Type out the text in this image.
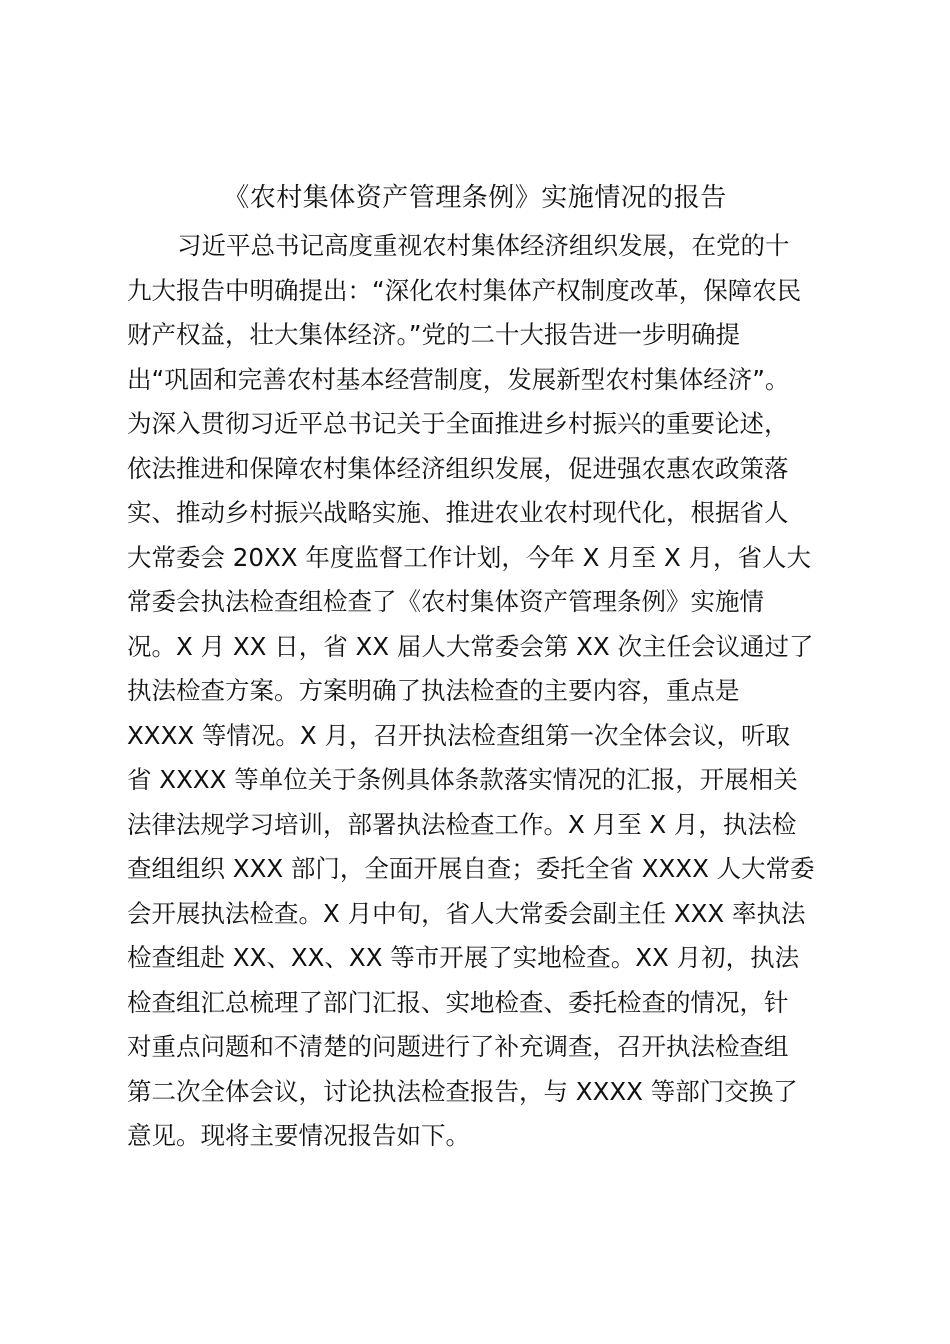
《农村集体资产管理条例》实施情况的报告
习近平总书记高度重视农村集体经济组织发展，在党的十
九大报告中明确提出：“深化农村集体产权制度改革，保障农民
财产权益，壮大集体经济。”党的二十大报告进一步明确提
出“巩固和完善农村基本经营制度，发展新型农村集体经济”。
为深入贯彻习近平总书记关于全面推进乡村振兴的重要论述，
依法推进和保障农村集体经济组织发展，促进强农惠农政策落
实、推动乡村振兴战略实施、推进农业农村现代化，根据省人
大常委会 20XX 年度监督工作计划，今年 X 月至 X 月，省人大
常委会执法检查组检查了《农村集体资产管理条例》实施情
况。X 月 XX 日，省 XX 届人大常委会第 XX 次主任会议通过了
执法检查方案。方案明确了执法检查的主要内容，重点是
XXXX 等情况。X 月，召开执法检查组第一次全体会议，听取
省 XXXX 等单位关于条例具体条款落实情况的汇报，开展相关
法律法规学习培训，部署执法检查工作。X 月至 X 月，执法检
查组组织 XXX 部门，全面开展自查；委托全省 XXXX 人大常委
会开展执法检查。X 月中旬，省人大常委会副主任 XXX 率执法
检查组赴 XX、XX、XX 等市开展了实地检查。XX 月初，执法
检查组汇总梳理了部门汇报、实地检查、委托检查的情况，针
对重点问题和不清楚的问题进行了补充调查，召开执法检查组
第二次全体会议，讨论执法检查报告，与 XXXX 等部门交换了
意见。现将主要情况报告如下。
